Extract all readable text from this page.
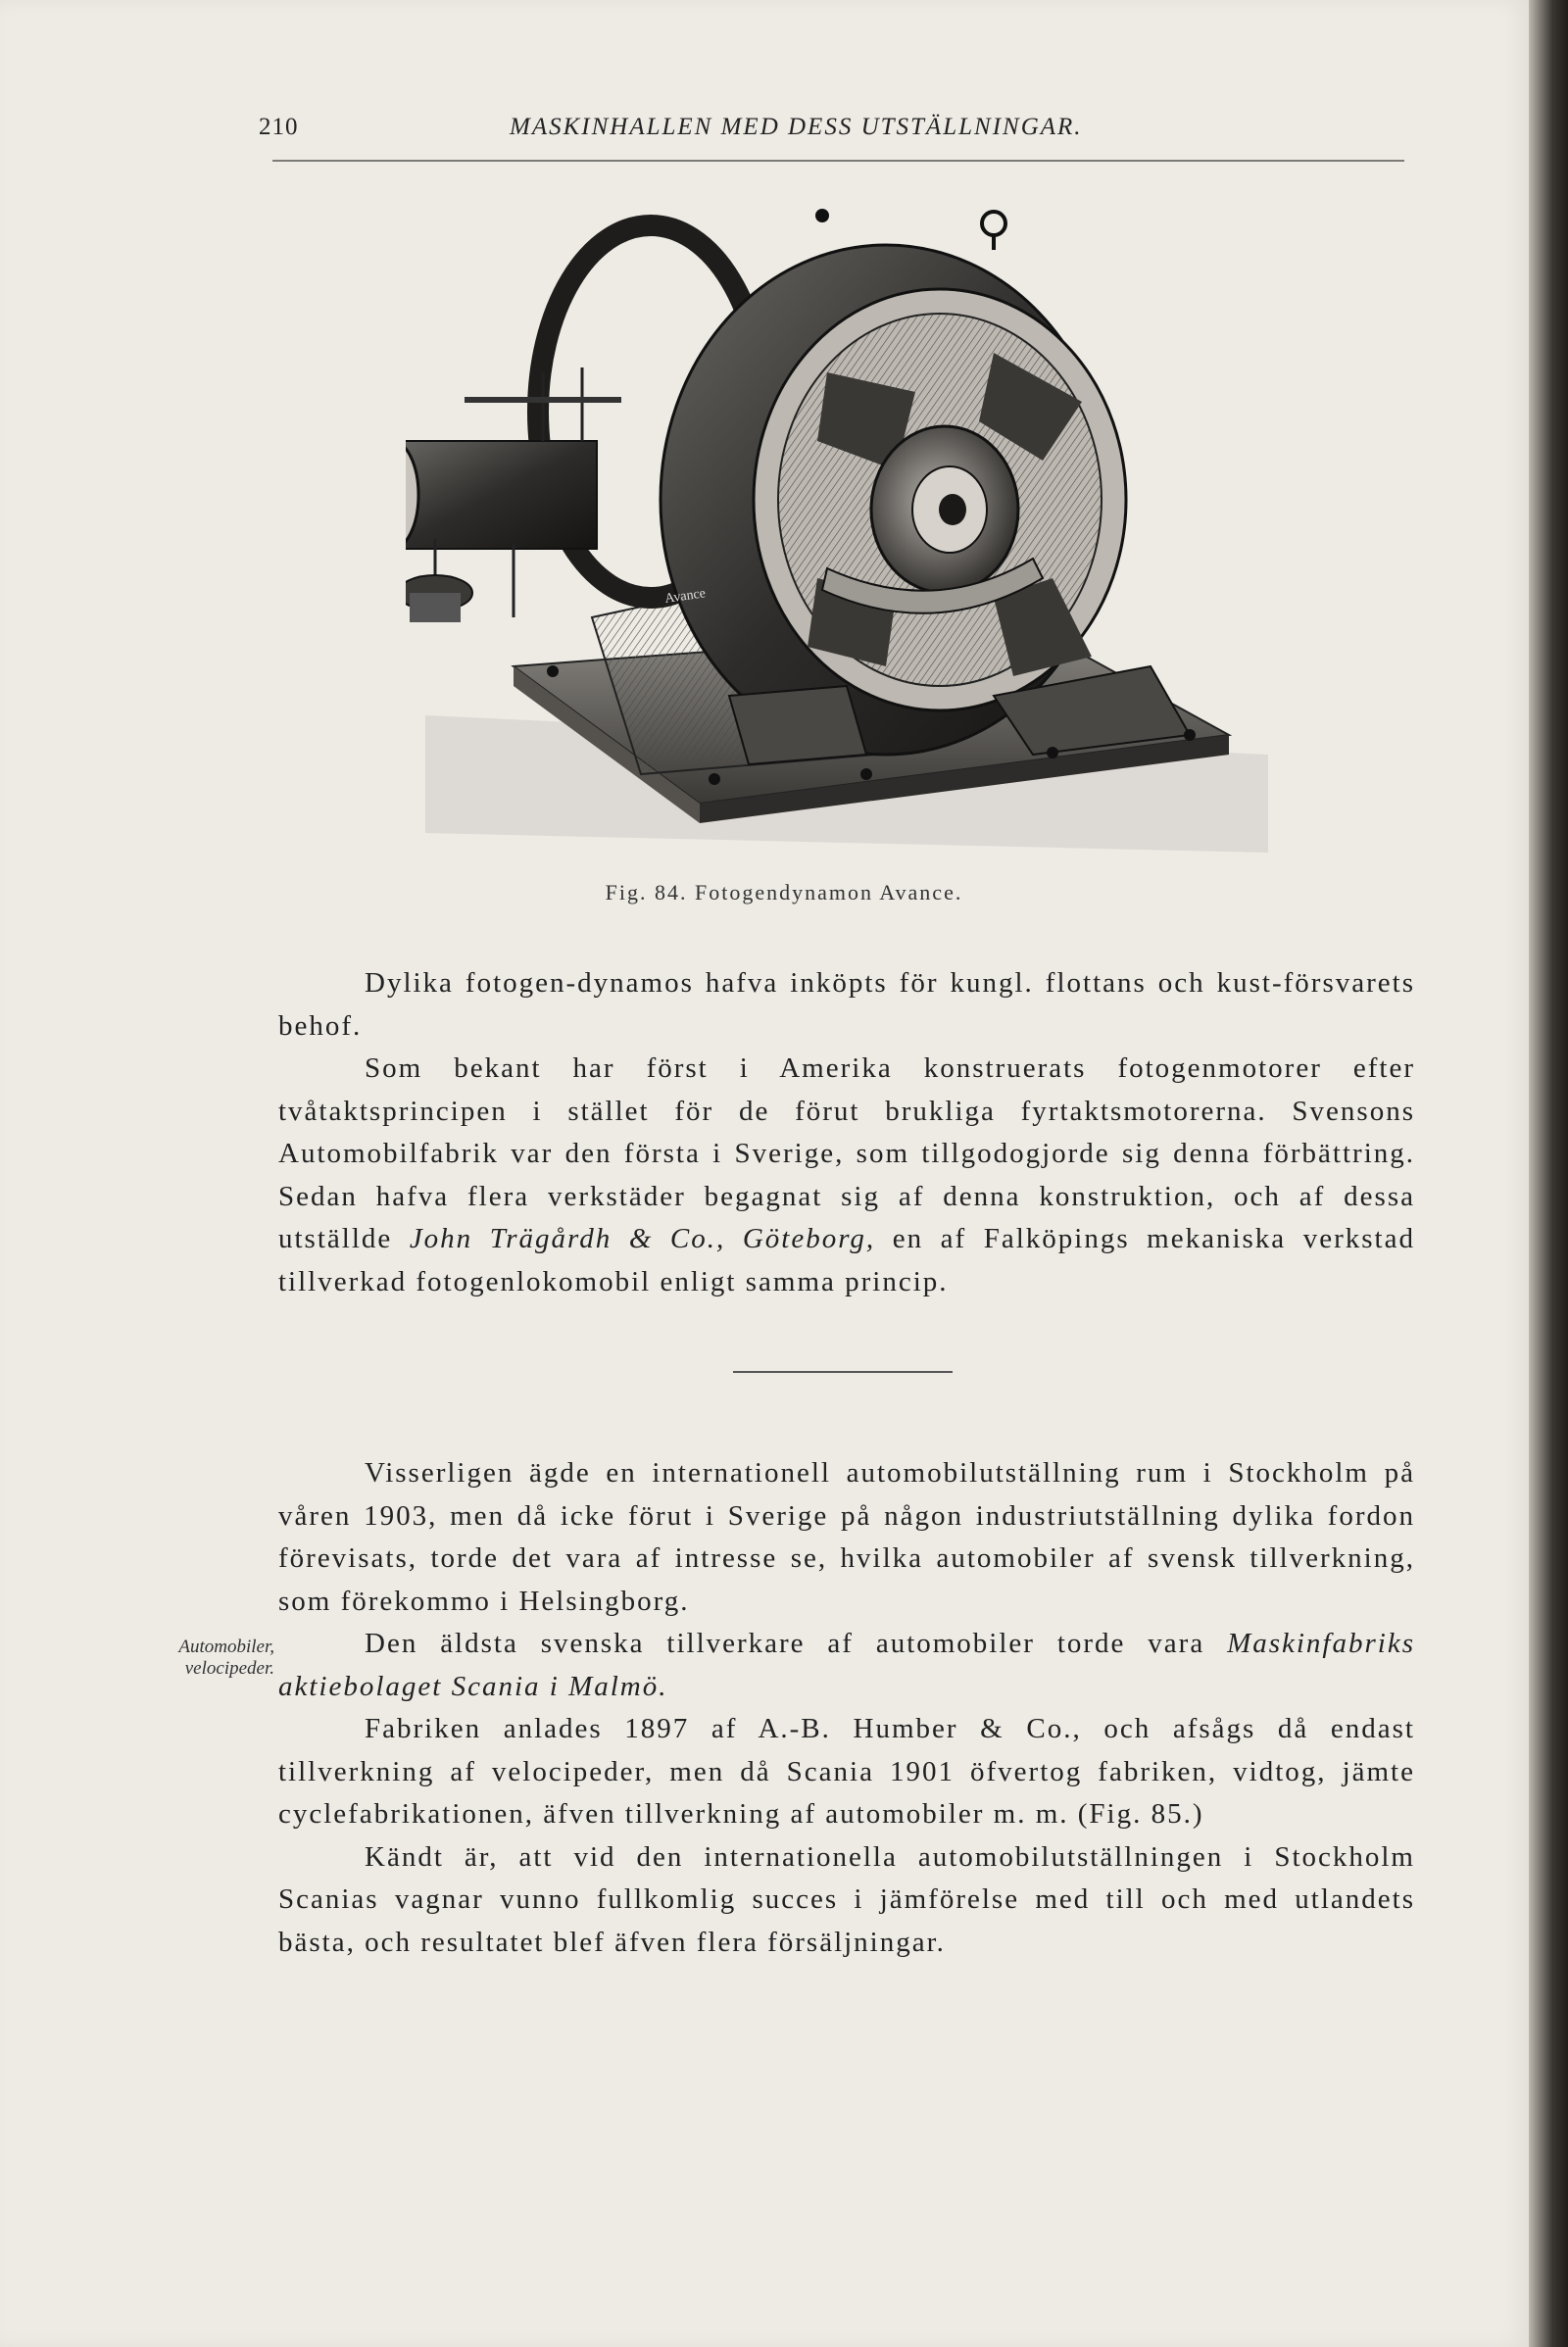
210	MASKINHALLEN MED DESS UTSTÄLLNINGAR.
Avance
Fig. 84. Fotogendynamon Avance.

Dylika fotogen-dynamos hafva inköpts för kungl. flottans och kust-försvarets behof.

Som bekant har först i Amerika konstruerats fotogenmotorer efter tvåtaktsprincipen i stället för de förut brukliga fyrtaktsmotorerna. Svensons Automobilfabrik var den första i Sverige, som tillgodogjorde sig denna förbättring. Sedan hafva flera verkstäder begagnat sig af denna konstruktion, och af dessa utställde John Trägårdh & Co., Göteborg, en af Falköpings mekaniska verkstad tillverkad fotogenlokomobil enligt samma princip.

Visserligen ägde en internationell automobilutställning rum i Stockholm på våren 1903, men då icke förut i Sverige på någon industriutställning dylika fordon förevisats, torde det vara af intresse se, hvilka automobiler af svensk tillverkning, som förekommo i Helsingborg.

Den äldsta svenska tillverkare af automobiler torde vara Maskinfabriks aktiebolaget Scania i Malmö.

Fabriken anlades 1897 af A.-B. Humber & Co., och afsågs då endast tillverkning af velocipeder, men då Scania 1901 öfvertog fabriken, vidtog, jämte cyclefabrikationen, äfven tillverkning af automobiler m. m. (Fig. 85.)

Kändt är, att vid den internationella automobilutställningen i Stockholm Scanias vagnar vunno fullkomlig succes i jämförelse med till och med utlandets bästa, och resultatet blef äfven flera försäljningar.

Automobiler,
velocipeder.
